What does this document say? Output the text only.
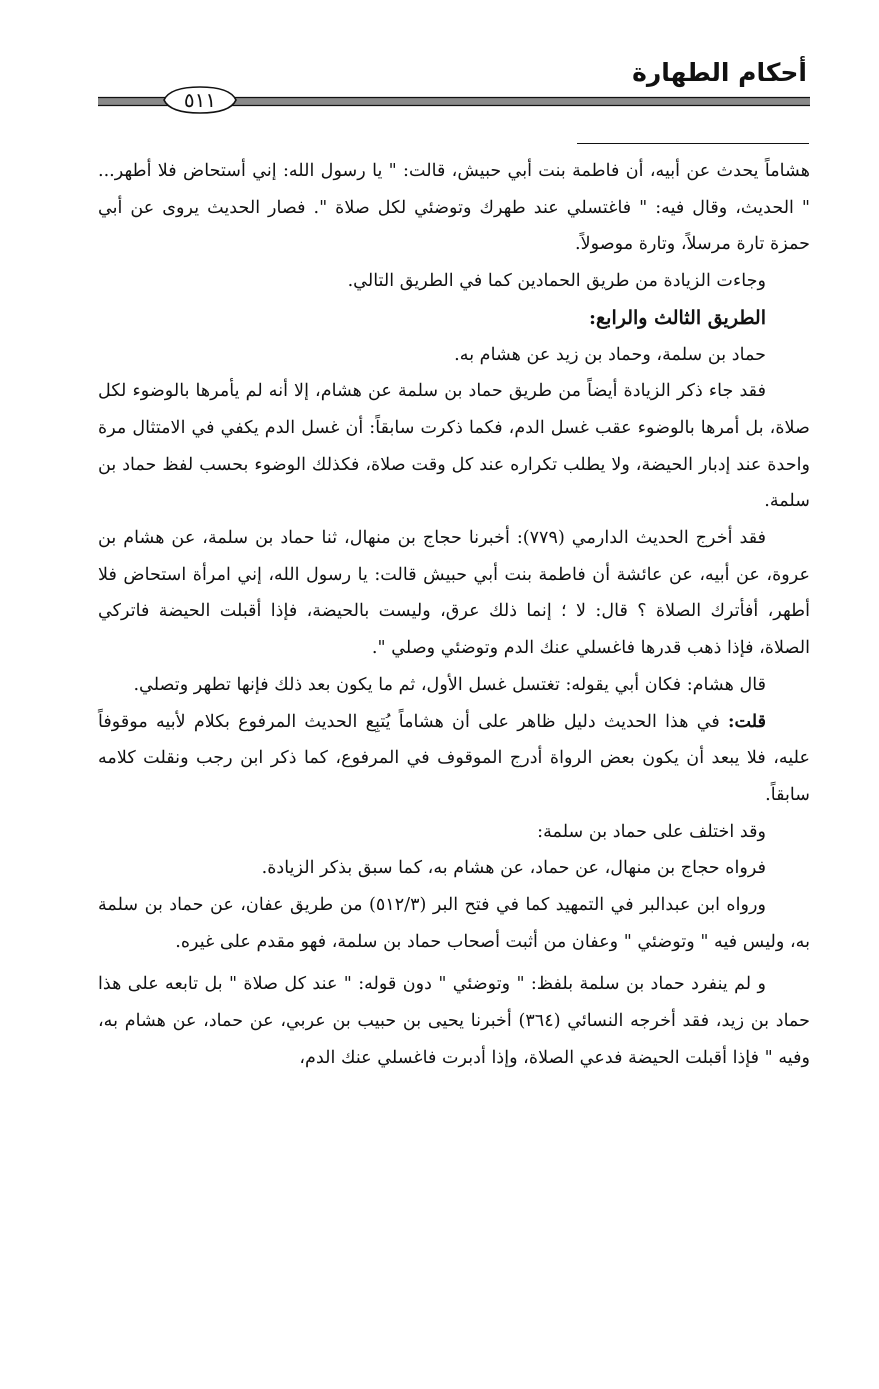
أحكام الطهارة
٥١١

هشاماً يحدث عن أبيه، أن فاطمة بنت أبي حبيش، قالت: " يا رسول الله: إني أستحاض فلا أطهر... " الحديث، وقال فيه: " فاغتسلي عند طهرك وتوضئي لكل صلاة ". فصار الحديث يروى عن أبي حمزة تارة مرسلاً، وتارة موصولاً.

وجاءت الزيادة من طريق الحمادين كما في الطريق التالي.

الطريق الثالث والرابع:

حماد بن سلمة، وحماد بن زيد عن هشام به.

فقد جاء ذكر الزيادة أيضاً من طريق حماد بن سلمة عن هشام، إلا أنه لم يأمرها بالوضوء لكل صلاة، بل أمرها بالوضوء عقب غسل الدم، فكما ذكرت سابقاً: أن غسل الدم يكفي في الامتثال مرة واحدة عند إدبار الحيضة، ولا يطلب تكراره عند كل وقت صلاة، فكذلك الوضوء بحسب لفظ حماد بن سلمة.

فقد أخرج الحديث الدارمي (٧٧٩): أخبرنا حجاج بن منهال، ثنا حماد بن سلمة، عن هشام بن عروة، عن أبيه، عن عائشة أن فاطمة بنت أبي حبيش قالت: يا رسول الله، إني امرأة استحاض فلا أطهر، أفأترك الصلاة ؟ قال: لا ؛ إنما ذلك عرق، وليست بالحيضة، فإذا أقبلت الحيضة فاتركي الصلاة، فإذا ذهب قدرها فاغسلي عنك الدم وتوضئي وصلي ".

قال هشام: فكان أبي يقوله: تغتسل غسل الأول، ثم ما يكون بعد ذلك فإنها تطهر وتصلي.

قلت: في هذا الحديث دليل ظاهر على أن هشاماً يُتبِع الحديث المرفوع بكلام لأبيه موقوفاً عليه، فلا يبعد أن يكون بعض الرواة أدرج الموقوف في المرفوع، كما ذكر ابن رجب ونقلت كلامه سابقاً.

وقد اختلف على حماد بن سلمة:

فرواه حجاج بن منهال، عن حماد، عن هشام به، كما سبق بذكر الزيادة.

ورواه ابن عبدالبر في التمهيد كما في فتح البر (٥١٢/٣) من طريق عفان، عن حماد بن سلمة به، وليس فيه " وتوضئي " وعفان من أثبت أصحاب حماد بن سلمة، فهو مقدم على غيره.

و لم ينفرد حماد بن سلمة بلفظ: " وتوضئي " دون قوله: " عند كل صلاة " بل تابعه على هذا حماد بن زيد، فقد أخرجه النسائي (٣٦٤) أخبرنا يحيى بن حبيب بن عربي، عن حماد، عن هشام به، وفيه " فإذا أقبلت الحيضة فدعي الصلاة، وإذا أدبرت فاغسلي عنك الدم،
